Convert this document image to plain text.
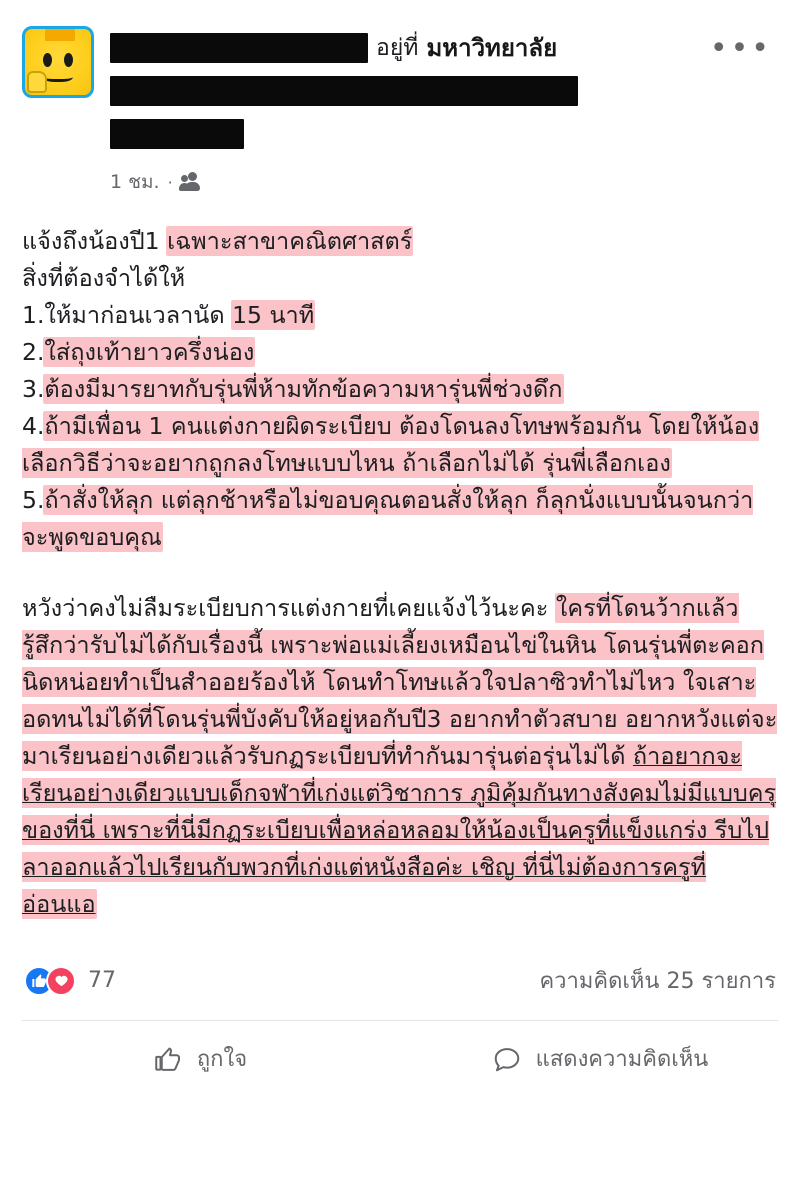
อยู่ที่ มหาวิทยาลัย
1 ชม. ·
•••

แจ้งถึงน้องปี1 เฉพาะสาขาคณิตศาสตร์

สิ่งที่ต้องจำได้ให้

1.ให้มาก่อนเวลานัด 15 นาที

2.ใส่ถุงเท้ายาวครึ่งน่อง

3.ต้องมีมารยาทกับรุ่นพี่ห้ามทักข้อความหารุ่นพี่ช่วงดึก

4.ถ้ามีเพื่อน 1 คนแต่งกายผิดระเบียบ ต้องโดนลงโทษพร้อมกัน โดยให้น้องเลือกวิธีว่าจะอยากถูกลงโทษแบบไหน ถ้าเลือกไม่ได้ รุ่นพี่เลือกเอง

5.ถ้าสั่งให้ลุก แต่ลุกช้าหรือไม่ขอบคุณตอนสั่งให้ลุก ก็ลุกนั่งแบบนั้นจนกว่าจะพูดขอบคุณ

หวังว่าคงไม่ลืมระเบียบการแต่งกายที่เคยแจ้งไว้นะคะ ใครที่โดนว้ากแล้วรู้สึกว่ารับไม่ได้กับเรื่องนี้ เพราะพ่อแม่เลี้ยงเหมือนไข่ในหิน โดนรุ่นพี่ตะคอกนิดหน่อยทำเป็นสำออยร้องไห้ โดนทำโทษแล้วใจปลาซิวทำไม่ไหว ใจเสาะ อดทนไม่ได้ที่โดนรุ่นพี่บังคับให้อยู่หอกับปี3 อยากทำตัวสบาย อยากหวังแต่จะมาเรียนอย่างเดียวแล้วรับกฏระเบียบที่ทำกันมารุ่นต่อรุ่นไม่ได้ ถ้าอยากจะเรียนอย่างเดียวแบบเด็กจฬาที่เก่งแต่วิชาการ ภูมิคุ้มกันทางสังคมไม่มีแบบครุของที่นี่ เพราะที่นี่มีกฏระเบียบเพื่อหล่อหลอมให้น้องเป็นครูที่แข็งแกร่ง รีบไปลาออกแล้วไปเรียนกับพวกที่เก่งแต่หนังสือค่ะ เชิญ ที่นี่ไม่ต้องการครูที่อ่อนแอ

77	ความคิดเห็น 25 รายการ
ถูกใจ	แสดงความคิดเห็น
